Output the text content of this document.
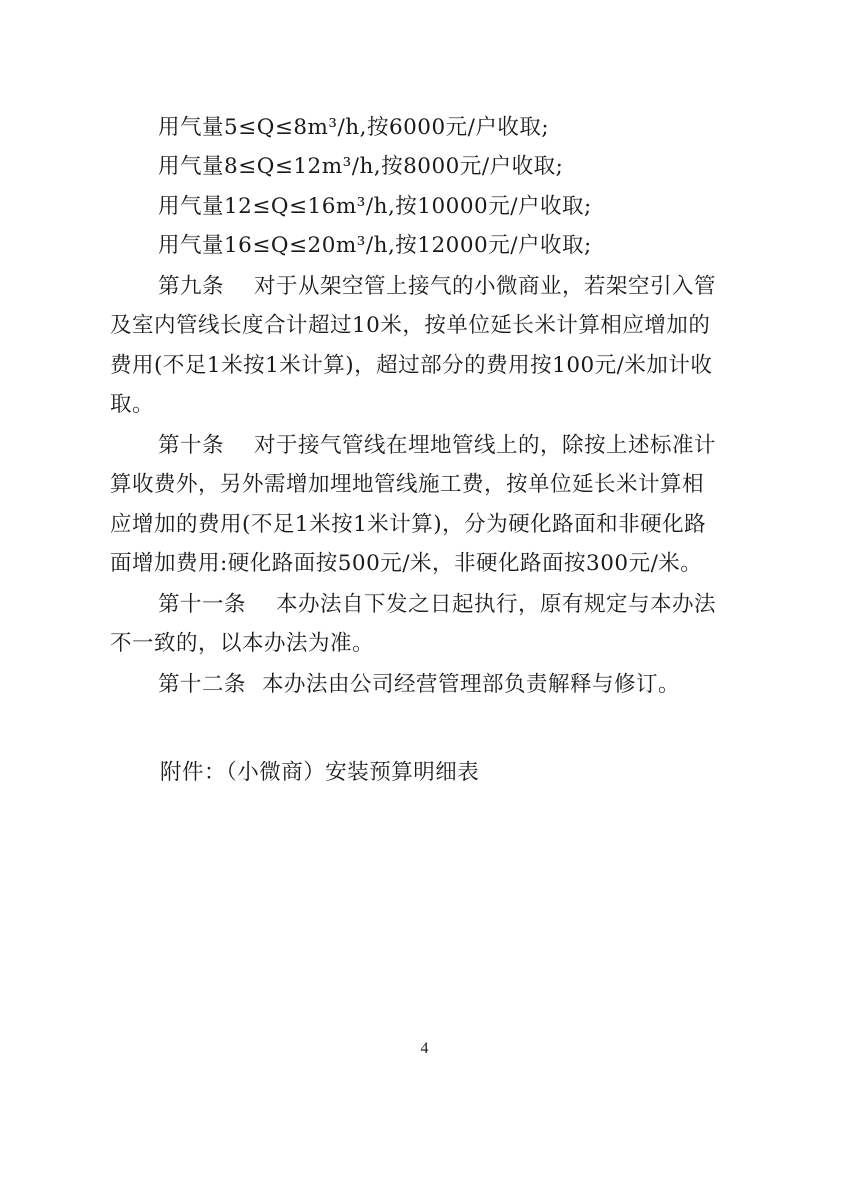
用气量5≤Q≤8m³/h,按6000元/户收取;
用气量8≤Q≤12m³/h,按8000元/户收取;
用气量12≤Q≤16m³/h,按10000元/户收取;
用气量16≤Q≤20m³/h,按12000元/户收取;
第九条 对于从架空管上接气的小微商业，若架空引入管
及室内管线长度合计超过10米，按单位延长米计算相应增加的
费用(不足1米按1米计算)，超过部分的费用按100元/米加计收
取。
第十条 对于接气管线在埋地管线上的，除按上述标准计
算收费外，另外需增加埋地管线施工费，按单位延长米计算相
应增加的费用(不足1米按1米计算)，分为硬化路面和非硬化路
面增加费用:硬化路面按500元/米，非硬化路面按300元/米。
第十一条 本办法自下发之日起执行，原有规定与本办法
不一致的，以本办法为准。
第十二条 本办法由公司经营管理部负责解释与修订。
附件：（小微商）安装预算明细表
4
